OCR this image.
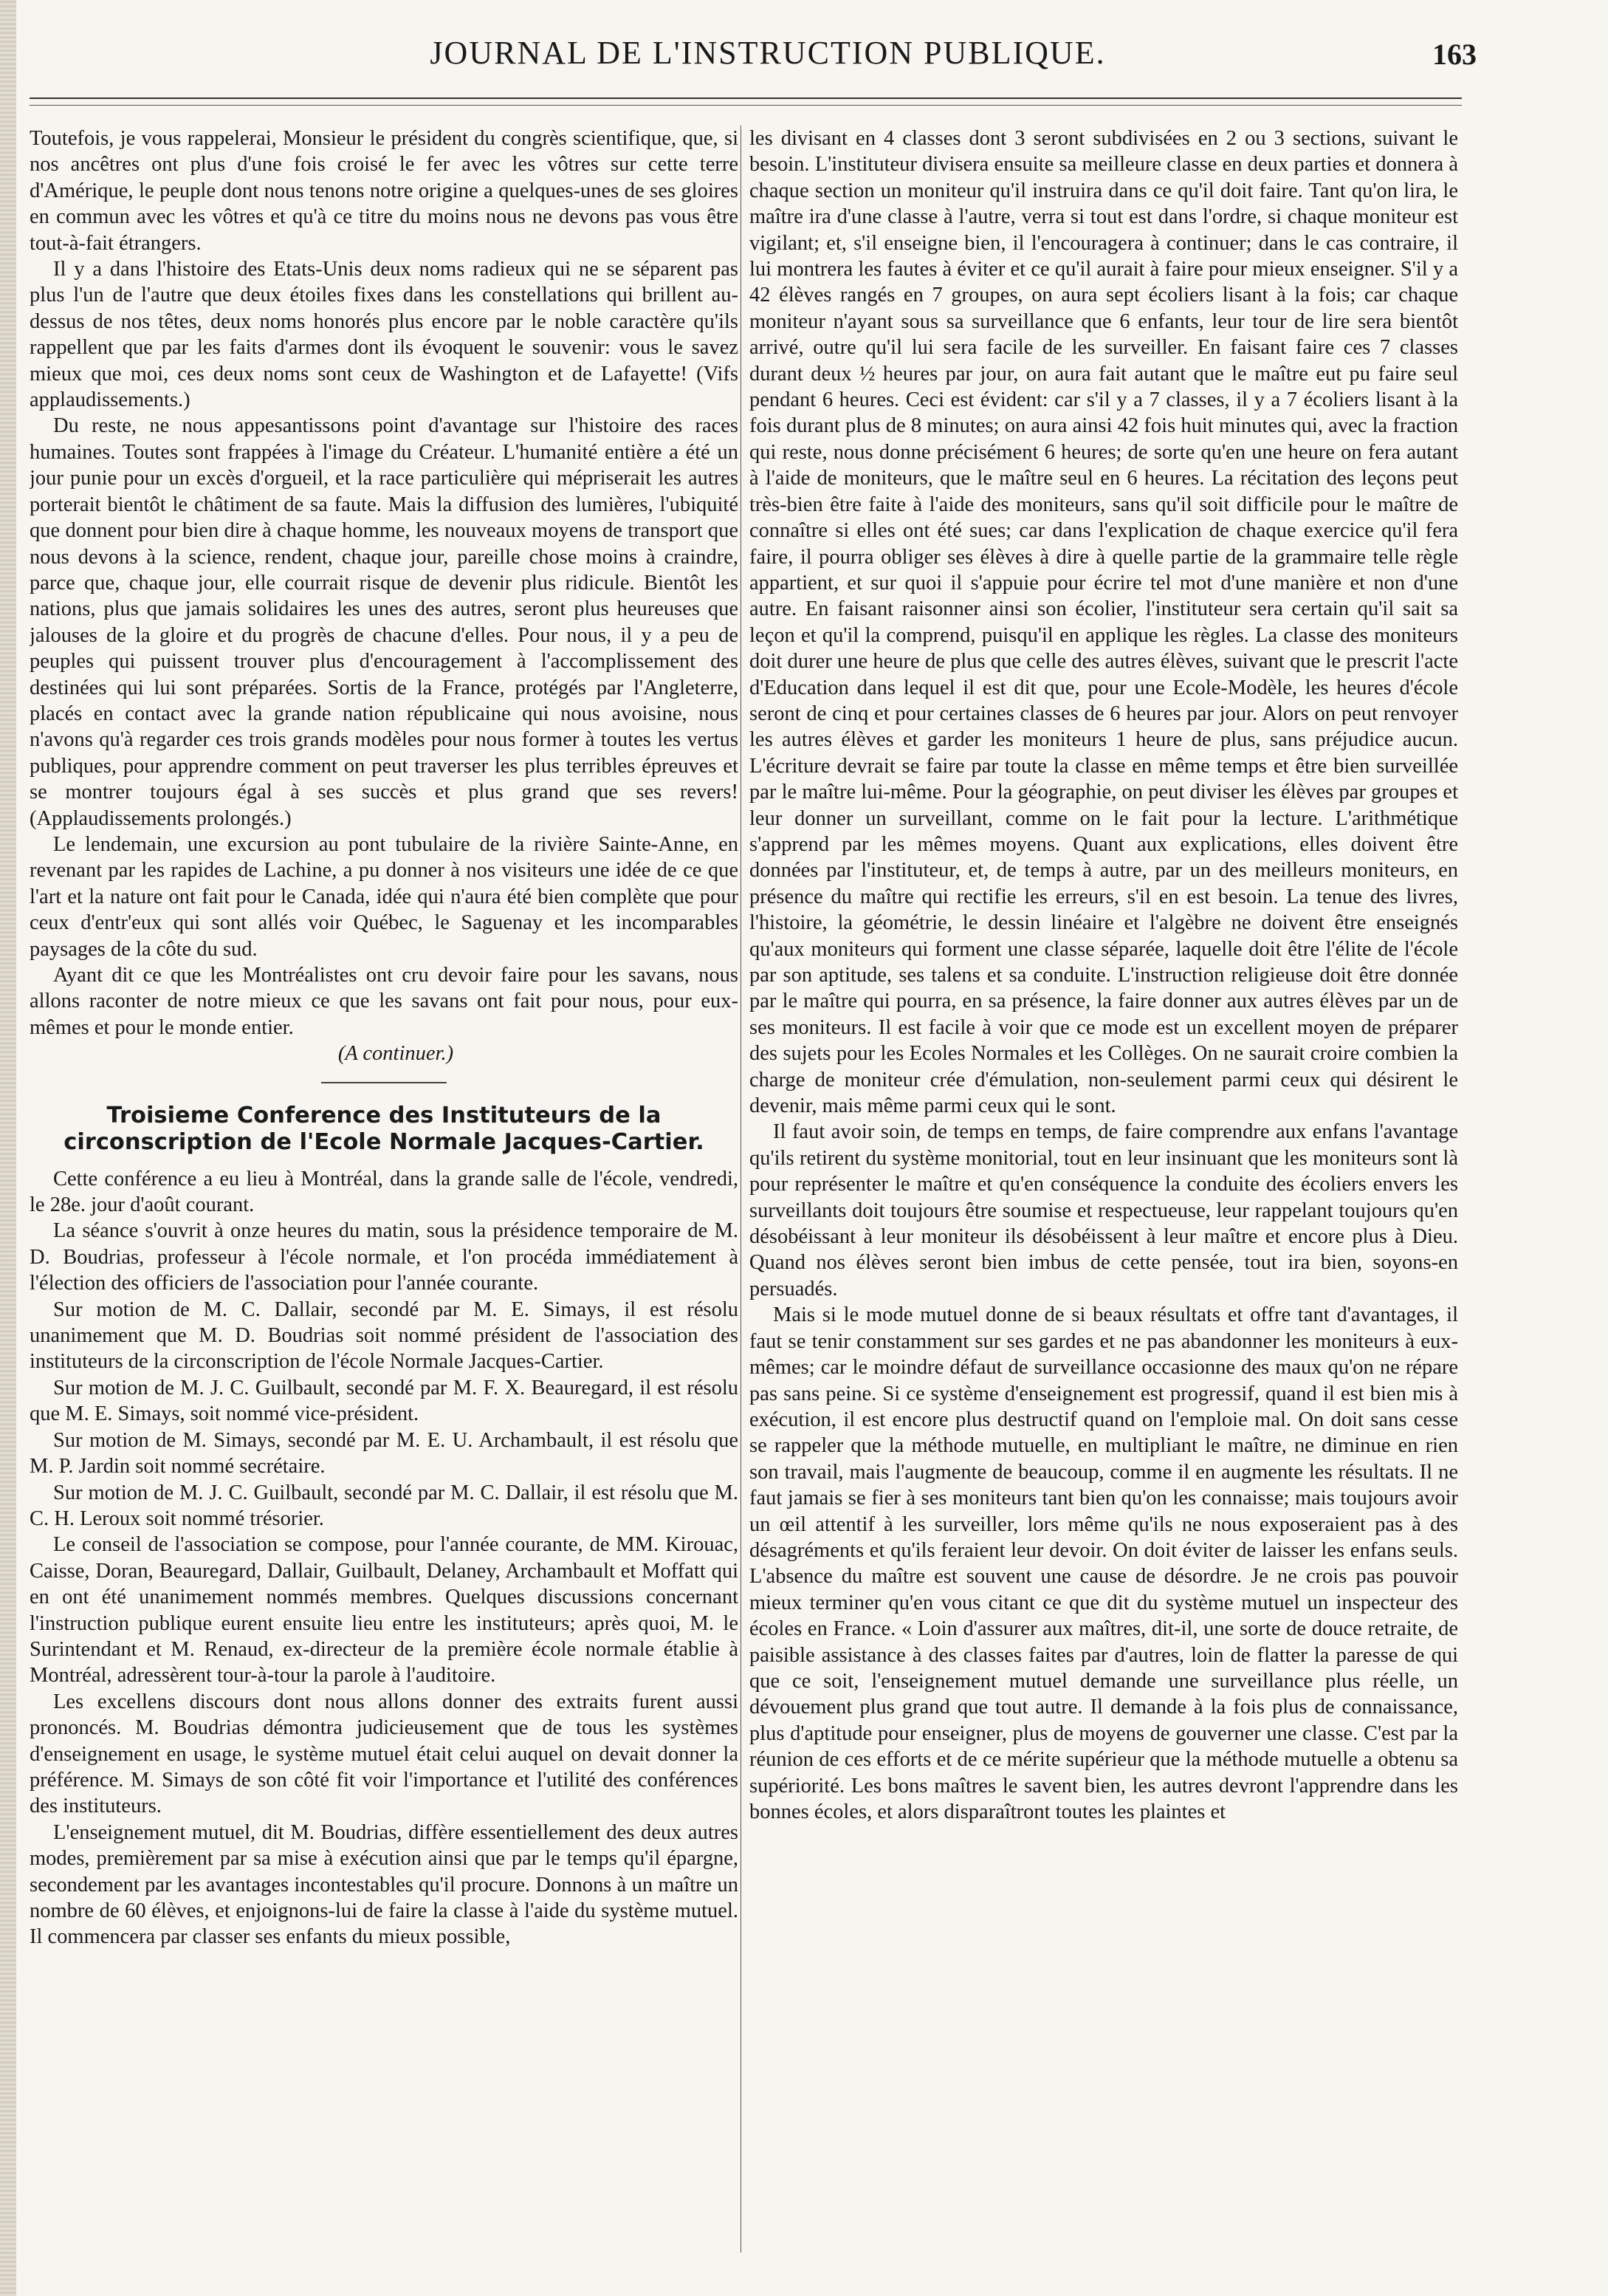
JOURNAL DE L'INSTRUCTION PUBLIQUE.	163

Toutefois, je vous rappelerai, Monsieur le président du congrès scientifique, que, si nos ancêtres ont plus d'une fois croisé le fer avec les vôtres sur cette terre d'Amérique, le peuple dont nous tenons notre origine a quelques-unes de ses gloires en commun avec les vôtres et qu'à ce titre du moins nous ne devons pas vous être tout-à-fait étrangers.

Il y a dans l'histoire des Etats-Unis deux noms radieux qui ne se séparent pas plus l'un de l'autre que deux étoiles fixes dans les constellations qui brillent au-dessus de nos têtes, deux noms honorés plus encore par le noble caractère qu'ils rappellent que par les faits d'armes dont ils évoquent le souvenir: vous le savez mieux que moi, ces deux noms sont ceux de Washington et de Lafayette! (Vifs applaudissements.)

Du reste, ne nous appesantissons point d'avantage sur l'histoire des races humaines. Toutes sont frappées à l'image du Créateur. L'humanité entière a été un jour punie pour un excès d'orgueil, et la race particulière qui mépriserait les autres porterait bientôt le châtiment de sa faute. Mais la diffusion des lumières, l'ubiquité que donnent pour bien dire à chaque homme, les nouveaux moyens de transport que nous devons à la science, rendent, chaque jour, pareille chose moins à craindre, parce que, chaque jour, elle courrait risque de devenir plus ridicule. Bientôt les nations, plus que jamais solidaires les unes des autres, seront plus heureuses que jalouses de la gloire et du progrès de chacune d'elles. Pour nous, il y a peu de peuples qui puissent trouver plus d'encouragement à l'accomplissement des destinées qui lui sont préparées. Sortis de la France, protégés par l'Angleterre, placés en contact avec la grande nation républicaine qui nous avoisine, nous n'avons qu'à regarder ces trois grands modèles pour nous former à toutes les vertus publiques, pour apprendre comment on peut traverser les plus terribles épreuves et se montrer toujours égal à ses succès et plus grand que ses revers! (Applaudissements prolongés.)

Le lendemain, une excursion au pont tubulaire de la rivière Sainte-Anne, en revenant par les rapides de Lachine, a pu donner à nos visiteurs une idée de ce que l'art et la nature ont fait pour le Canada, idée qui n'aura été bien complète que pour ceux d'entr'eux qui sont allés voir Québec, le Saguenay et les incomparables paysages de la côte du sud.

Ayant dit ce que les Montréalistes ont cru devoir faire pour les savans, nous allons raconter de notre mieux ce que les savans ont fait pour nous, pour eux-mêmes et pour le monde entier.

(A continuer.)

Troisieme Conference des Instituteurs de la circonscription de l'Ecole Normale Jacques-Cartier.

Cette conférence a eu lieu à Montréal, dans la grande salle de l'école, vendredi, le 28e. jour d'août courant.

La séance s'ouvrit à onze heures du matin, sous la présidence temporaire de M. D. Boudrias, professeur à l'école normale, et l'on procéda immédiatement à l'élection des officiers de l'association pour l'année courante.

Sur motion de M. C. Dallair, secondé par M. E. Simays, il est résolu unanimement que M. D. Boudrias soit nommé président de l'association des instituteurs de la circonscription de l'école Normale Jacques-Cartier.

Sur motion de M. J. C. Guilbault, secondé par M. F. X. Beauregard, il est résolu que M. E. Simays, soit nommé vice-président.

Sur motion de M. Simays, secondé par M. E. U. Archambault, il est résolu que M. P. Jardin soit nommé secrétaire.

Sur motion de M. J. C. Guilbault, secondé par M. C. Dallair, il est résolu que M. C. H. Leroux soit nommé trésorier.

Le conseil de l'association se compose, pour l'année courante, de MM. Kirouac, Caisse, Doran, Beauregard, Dallair, Guilbault, Delaney, Archambault et Moffatt qui en ont été unanimement nommés membres. Quelques discussions concernant l'instruction publique eurent ensuite lieu entre les instituteurs; après quoi, M. le Surintendant et M. Renaud, ex-directeur de la première école normale établie à Montréal, adressèrent tour-à-tour la parole à l'auditoire.

Les excellens discours dont nous allons donner des extraits furent aussi prononcés. M. Boudrias démontra judicieusement que de tous les systèmes d'enseignement en usage, le système mutuel était celui auquel on devait donner la préférence. M. Simays de son côté fit voir l'importance et l'utilité des conférences des instituteurs.

L'enseignement mutuel, dit M. Boudrias, diffère essentiellement des deux autres modes, premièrement par sa mise à exécution ainsi que par le temps qu'il épargne, secondement par les avantages incontestables qu'il procure. Donnons à un maître un nombre de 60 élèves, et enjoignons-lui de faire la classe à l'aide du système mutuel. Il commencera par classer ses enfants du mieux possible,

les divisant en 4 classes dont 3 seront subdivisées en 2 ou 3 sections, suivant le besoin. L'instituteur divisera ensuite sa meilleure classe en deux parties et donnera à chaque section un moniteur qu'il instruira dans ce qu'il doit faire. Tant qu'on lira, le maître ira d'une classe à l'autre, verra si tout est dans l'ordre, si chaque moniteur est vigilant; et, s'il enseigne bien, il l'encouragera à continuer; dans le cas contraire, il lui montrera les fautes à éviter et ce qu'il aurait à faire pour mieux enseigner. S'il y a 42 élèves rangés en 7 groupes, on aura sept écoliers lisant à la fois; car chaque moniteur n'ayant sous sa surveillance que 6 enfants, leur tour de lire sera bientôt arrivé, outre qu'il lui sera facile de les surveiller. En faisant faire ces 7 classes durant deux ½ heures par jour, on aura fait autant que le maître eut pu faire seul pendant 6 heures. Ceci est évident: car s'il y a 7 classes, il y a 7 écoliers lisant à la fois durant plus de 8 minutes; on aura ainsi 42 fois huit minutes qui, avec la fraction qui reste, nous donne précisément 6 heures; de sorte qu'en une heure on fera autant à l'aide de moniteurs, que le maître seul en 6 heures. La récitation des leçons peut très-bien être faite à l'aide des moniteurs, sans qu'il soit difficile pour le maître de connaître si elles ont été sues; car dans l'explication de chaque exercice qu'il fera faire, il pourra obliger ses élèves à dire à quelle partie de la grammaire telle règle appartient, et sur quoi il s'appuie pour écrire tel mot d'une manière et non d'une autre. En faisant raisonner ainsi son écolier, l'instituteur sera certain qu'il sait sa leçon et qu'il la comprend, puisqu'il en applique les règles. La classe des moniteurs doit durer une heure de plus que celle des autres élèves, suivant que le prescrit l'acte d'Education dans lequel il est dit que, pour une Ecole-Modèle, les heures d'école seront de cinq et pour certaines classes de 6 heures par jour. Alors on peut renvoyer les autres élèves et garder les moniteurs 1 heure de plus, sans préjudice aucun. L'écriture devrait se faire par toute la classe en même temps et être bien surveillée par le maître lui-même. Pour la géographie, on peut diviser les élèves par groupes et leur donner un surveillant, comme on le fait pour la lecture. L'arithmétique s'apprend par les mêmes moyens. Quant aux explications, elles doivent être données par l'instituteur, et, de temps à autre, par un des meilleurs moniteurs, en présence du maître qui rectifie les erreurs, s'il en est besoin. La tenue des livres, l'histoire, la géométrie, le dessin linéaire et l'algèbre ne doivent être enseignés qu'aux moniteurs qui forment une classe séparée, laquelle doit être l'élite de l'école par son aptitude, ses talens et sa conduite. L'instruction religieuse doit être donnée par le maître qui pourra, en sa présence, la faire donner aux autres élèves par un de ses moniteurs. Il est facile à voir que ce mode est un excellent moyen de préparer des sujets pour les Ecoles Normales et les Collèges. On ne saurait croire combien la charge de moniteur crée d'émulation, non-seulement parmi ceux qui désirent le devenir, mais même parmi ceux qui le sont.

Il faut avoir soin, de temps en temps, de faire comprendre aux enfans l'avantage qu'ils retirent du système monitorial, tout en leur insinuant que les moniteurs sont là pour représenter le maître et qu'en conséquence la conduite des écoliers envers les surveillants doit toujours être soumise et respectueuse, leur rappelant toujours qu'en désobéissant à leur moniteur ils désobéissent à leur maître et encore plus à Dieu. Quand nos élèves seront bien imbus de cette pensée, tout ira bien, soyons-en persuadés.

Mais si le mode mutuel donne de si beaux résultats et offre tant d'avantages, il faut se tenir constamment sur ses gardes et ne pas abandonner les moniteurs à eux-mêmes; car le moindre défaut de surveillance occasionne des maux qu'on ne répare pas sans peine. Si ce système d'enseignement est progressif, quand il est bien mis à exécution, il est encore plus destructif quand on l'emploie mal. On doit sans cesse se rappeler que la méthode mutuelle, en multipliant le maître, ne diminue en rien son travail, mais l'augmente de beaucoup, comme il en augmente les résultats. Il ne faut jamais se fier à ses moniteurs tant bien qu'on les connaisse; mais toujours avoir un œil attentif à les surveiller, lors même qu'ils ne nous exposeraient pas à des désagréments et qu'ils feraient leur devoir. On doit éviter de laisser les enfans seuls. L'absence du maître est souvent une cause de désordre. Je ne crois pas pouvoir mieux terminer qu'en vous citant ce que dit du système mutuel un inspecteur des écoles en France. « Loin d'assurer aux maîtres, dit-il, une sorte de douce retraite, de paisible assistance à des classes faites par d'autres, loin de flatter la paresse de qui que ce soit, l'enseignement mutuel demande une surveillance plus réelle, un dévouement plus grand que tout autre. Il demande à la fois plus de connaissance, plus d'aptitude pour enseigner, plus de moyens de gouverner une classe. C'est par la réunion de ces efforts et de ce mérite supérieur que la méthode mutuelle a obtenu sa supériorité. Les bons maîtres le savent bien, les autres devront l'apprendre dans les bonnes écoles, et alors disparaîtront toutes les plaintes et
